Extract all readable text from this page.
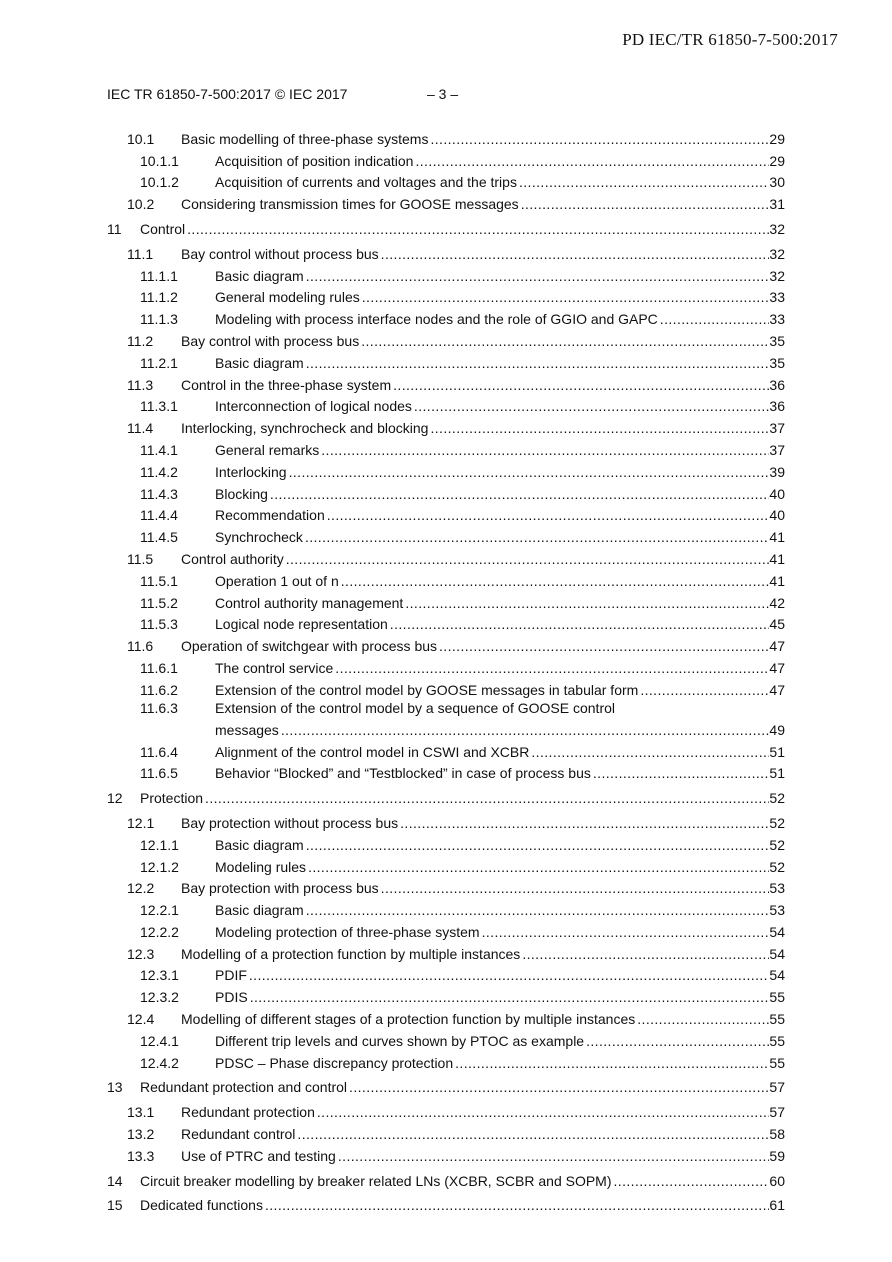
PD IEC/TR 61850-7-500:2017
IEC TR 61850-7-500:2017 © IEC 2017	– 3 –
10.1 Basic modelling of three-phase systems .....	29
10.1.1	Acquisition of position indication .....	29
10.1.2	Acquisition of currents and voltages and the trips .....	30
10.2 Considering transmission times for GOOSE messages .....	31
11 Control .....	32
11.1 Bay control without process bus .....	32
11.1.1	Basic diagram .....	32
11.1.2	General modeling rules .....	33
11.1.3	Modeling with process interface nodes and the role of GGIO and GAPC .....	33
11.2 Bay control with process bus .....	35
11.2.1	Basic diagram .....	35
11.3 Control in the three-phase system .....	36
11.3.1	Interconnection of logical nodes .....	36
11.4 Interlocking, synchrocheck and blocking .....	37
11.4.1	General remarks .....	37
11.4.2	Interlocking .....	39
11.4.3	Blocking .....	40
11.4.4	Recommendation .....	40
11.4.5	Synchrocheck .....	41
11.5 Control authority .....	41
11.5.1	Operation 1 out of n .....	41
11.5.2	Control authority management .....	42
11.5.3	Logical node representation .....	45
11.6 Operation of switchgear with process bus .....	47
11.6.1	The control service .....	47
11.6.2	Extension of the control model by GOOSE messages in tabular form .....	47
11.6.3	Extension of the control model by a sequence of GOOSE control
messages .....	49
11.6.4	Alignment of the control model in CSWI and XCBR .....	51
11.6.5	Behavior “Blocked” and “Testblocked” in case of process bus .....	51
12 Protection .....	52
12.1 Bay protection without process bus .....	52
12.1.1	Basic diagram .....	52
12.1.2	Modeling rules .....	52
12.2 Bay protection with process bus .....	53
12.2.1	Basic diagram .....	53
12.2.2	Modeling protection of three-phase system .....	54
12.3 Modelling of a protection function by multiple instances .....	54
12.3.1	PDIF .....	54
12.3.2	PDIS .....	55
12.4 Modelling of different stages of a protection function by multiple instances .....	55
12.4.1	Different trip levels and curves shown by PTOC as example .....	55
12.4.2	PDSC – Phase discrepancy protection .....	55
13 Redundant protection and control .....	57
13.1 Redundant protection .....	57
13.2 Redundant control .....	58
13.3 Use of PTRC and testing .....	59
14 Circuit breaker modelling by breaker related LNs (XCBR, SCBR and SOPM) .....	60
15 Dedicated functions .....	61
